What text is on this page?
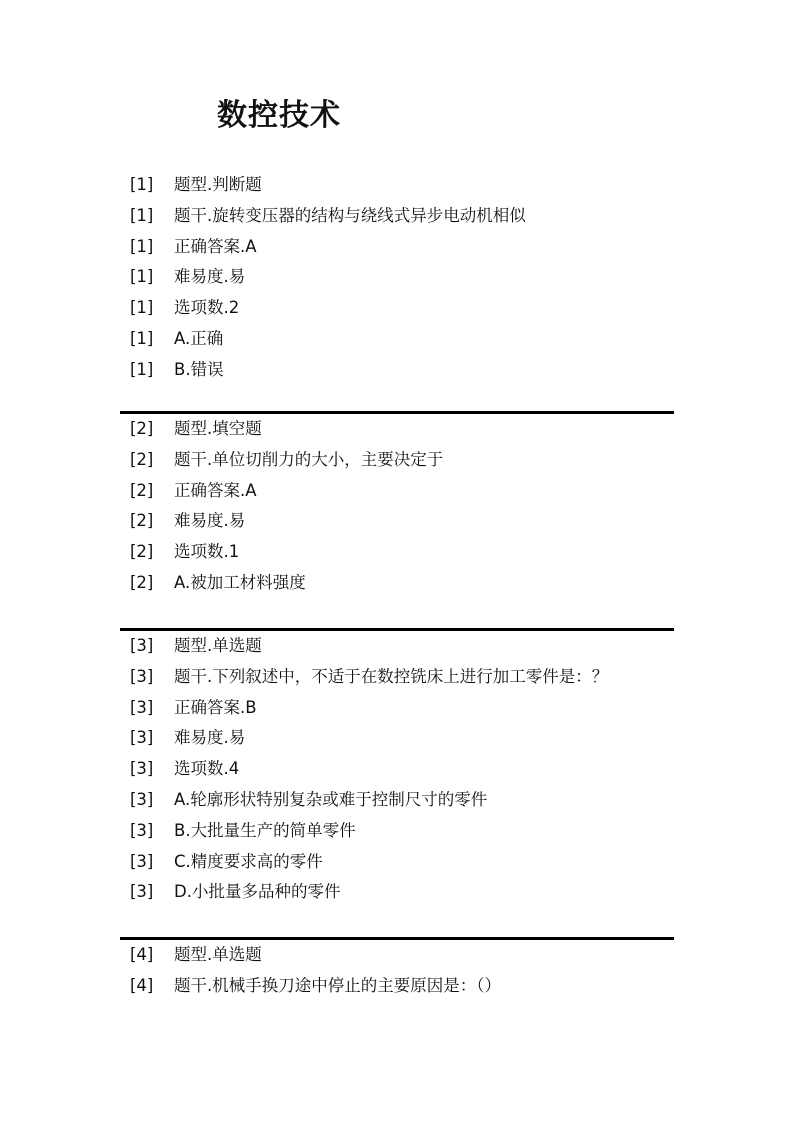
数控技术
[1] 题型.判断题
[1] 题干.旋转变压器的结构与绕线式异步电动机相似
[1] 正确答案.A
[1] 难易度.易
[1] 选项数.2
[1] A.正确
[1] B.错误
[2] 题型.填空题
[2] 题干.单位切削力的大小，主要决定于
[2] 正确答案.A
[2] 难易度.易
[2] 选项数.1
[2] A.被加工材料强度
[3] 题型.单选题
[3] 题干.下列叙述中，不适于在数控铣床上进行加工零件是：？
[3] 正确答案.B
[3] 难易度.易
[3] 选项数.4
[3] A.轮廓形状特别复杂或难于控制尺寸的零件
[3] B.大批量生产的简单零件
[3] C.精度要求高的零件
[3] D.小批量多品种的零件
[4] 题型.单选题
[4] 题干.机械手换刀途中停止的主要原因是：（）
